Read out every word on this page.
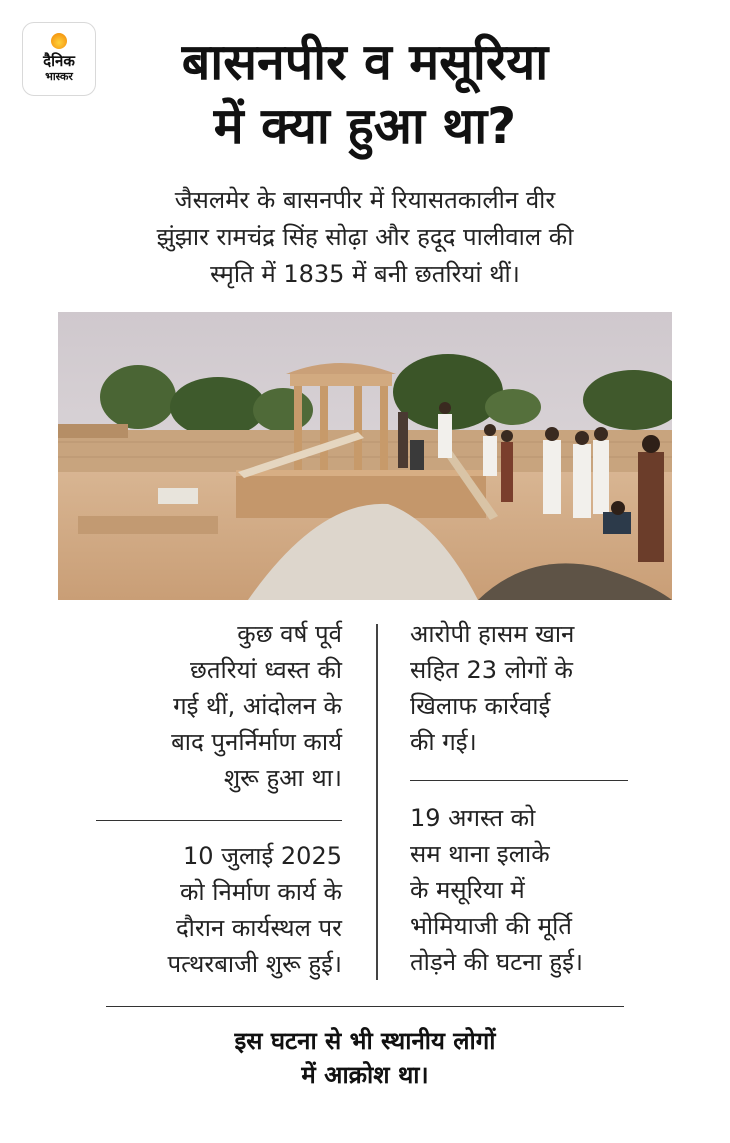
दैनिक
भास्कर	बासनपीर व मसूरिया
में क्या हुआ था?
जैसलमेर के बासनपीर में रियासतकालीन वीर
झुंझार रामचंद्र सिंह सोढ़ा और हदूद पालीवाल की
स्मृति में 1835 में बनी छतरियां थीं।
कुछ वर्ष पूर्व
छतरियां ध्वस्त की
गई थीं, आंदोलन के
बाद पुनर्निर्माण कार्य
शुरू हुआ था।
10 जुलाई 2025
को निर्माण कार्य के
दौरान कार्यस्थल पर
पत्थरबाजी शुरू हुई।
आरोपी हासम खान
सहित 23 लोगों के
खिलाफ कार्रवाई
की गई।
19 अगस्त को
सम थाना इलाके
के मसूरिया में
भोमियाजी की मूर्ति
तोड़ने की घटना हुई।
इस घटना से भी स्थानीय लोगों
में आक्रोश था।
